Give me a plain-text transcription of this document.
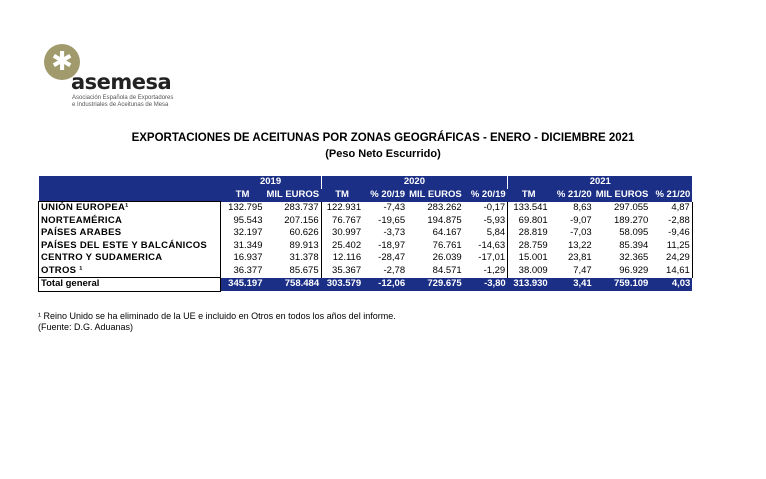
✱
asemesa
Asociación Española de Exportadores
e Industriales de Aceitunas de Mesa
EXPORTACIONES DE ACEITUNAS POR ZONAS GEOGRÁFICAS - ENERO - DICIEMBRE 2021
(Peso Neto Escurrido)
	2019		2020				2021			
	TM	MIL EUROS	TM	% 20/19	MIL EUROS	% 20/19	TM	% 21/20	MIL EUROS	% 21/20
UNIÓN EUROPEA¹	132.795	283.737	122.931	-7,43	283.262	-0,17	133.541	8,63	297.055	4,87
NORTEAMÉRICA	95.543	207.156	76.767	-19,65	194.875	-5,93	69.801	-9,07	189.270	-2,88
PAÍSES ARABES	32.197	60.626	30.997	-3,73	64.167	5,84	28.819	-7,03	58.095	-9,46
PAÍSES DEL ESTE Y BALCÁNICOS	31.349	89.913	25.402	-18,97	76.761	-14,63	28.759	13,22	85.394	11,25
CENTRO Y SUDAMERICA	16.937	31.378	12.116	-28,47	26.039	-17,01	15.001	23,81	32.365	24,29
OTROS ¹	36.377	85.675	35.367	-2,78	84.571	-1,29	38.009	7,47	96.929	14,61
Total general	345.197	758.484	303.579	-12,06	729.675	-3,80	313.930	3,41	759.109	4,03
¹ Reino Unido se ha eliminado de la UE e incluido en Otros en todos los años del informe.
(Fuente: D.G. Aduanas)
